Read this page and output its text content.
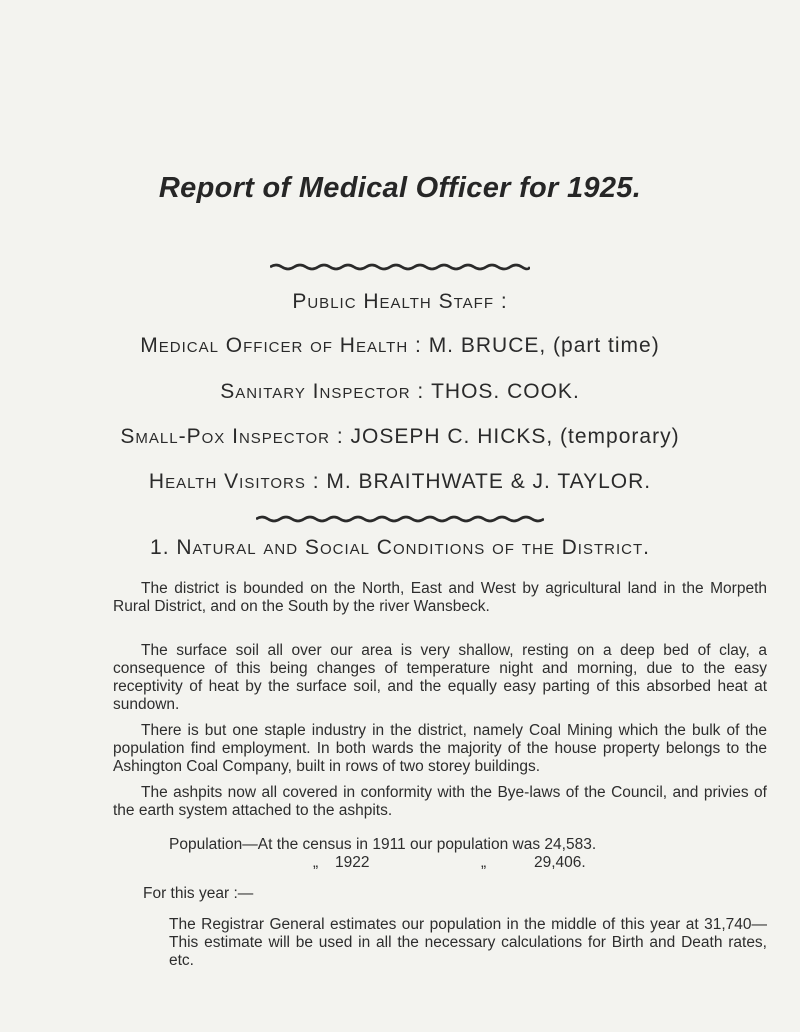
Report of Medical Officer for 1925.
Public Health Staff :
Medical Officer of Health : M. BRUCE, (part time)
Sanitary Inspector : THOS. COOK.
Small-Pox Inspector : JOSEPH C. HICKS, (temporary)
Health Visitors : M. BRAITHWATE & J. TAYLOR.
1. Natural and Social Conditions of the District.
The district is bounded on the North, East and West by agricultural land in the Morpeth Rural District, and on the South by the river Wansbeck.
The surface soil all over our area is very shallow, resting on a deep bed of clay, a consequence of this being changes of temperature night and morning, due to the easy receptivity of heat by the surface soil, and the equally easy parting of this absorbed heat at sundown.
There is but one staple industry in the district, namely Coal Mining which the bulk of the population find employment. In both wards the majority of the house property belongs to the Ashington Coal Company, built in rows of two storey buildings.
The ashpits now all covered in conformity with the Bye-laws of the Council, and privies of the earth system attached to the ashpits.
Population—At the census in 1911 our population was 24,583.
„ 1922	„	29,406.
For this year :—
The Registrar General estimates our population in the middle of this year at 31,740—This estimate will be used in all the necessary calculations for Birth and Death rates, etc.
